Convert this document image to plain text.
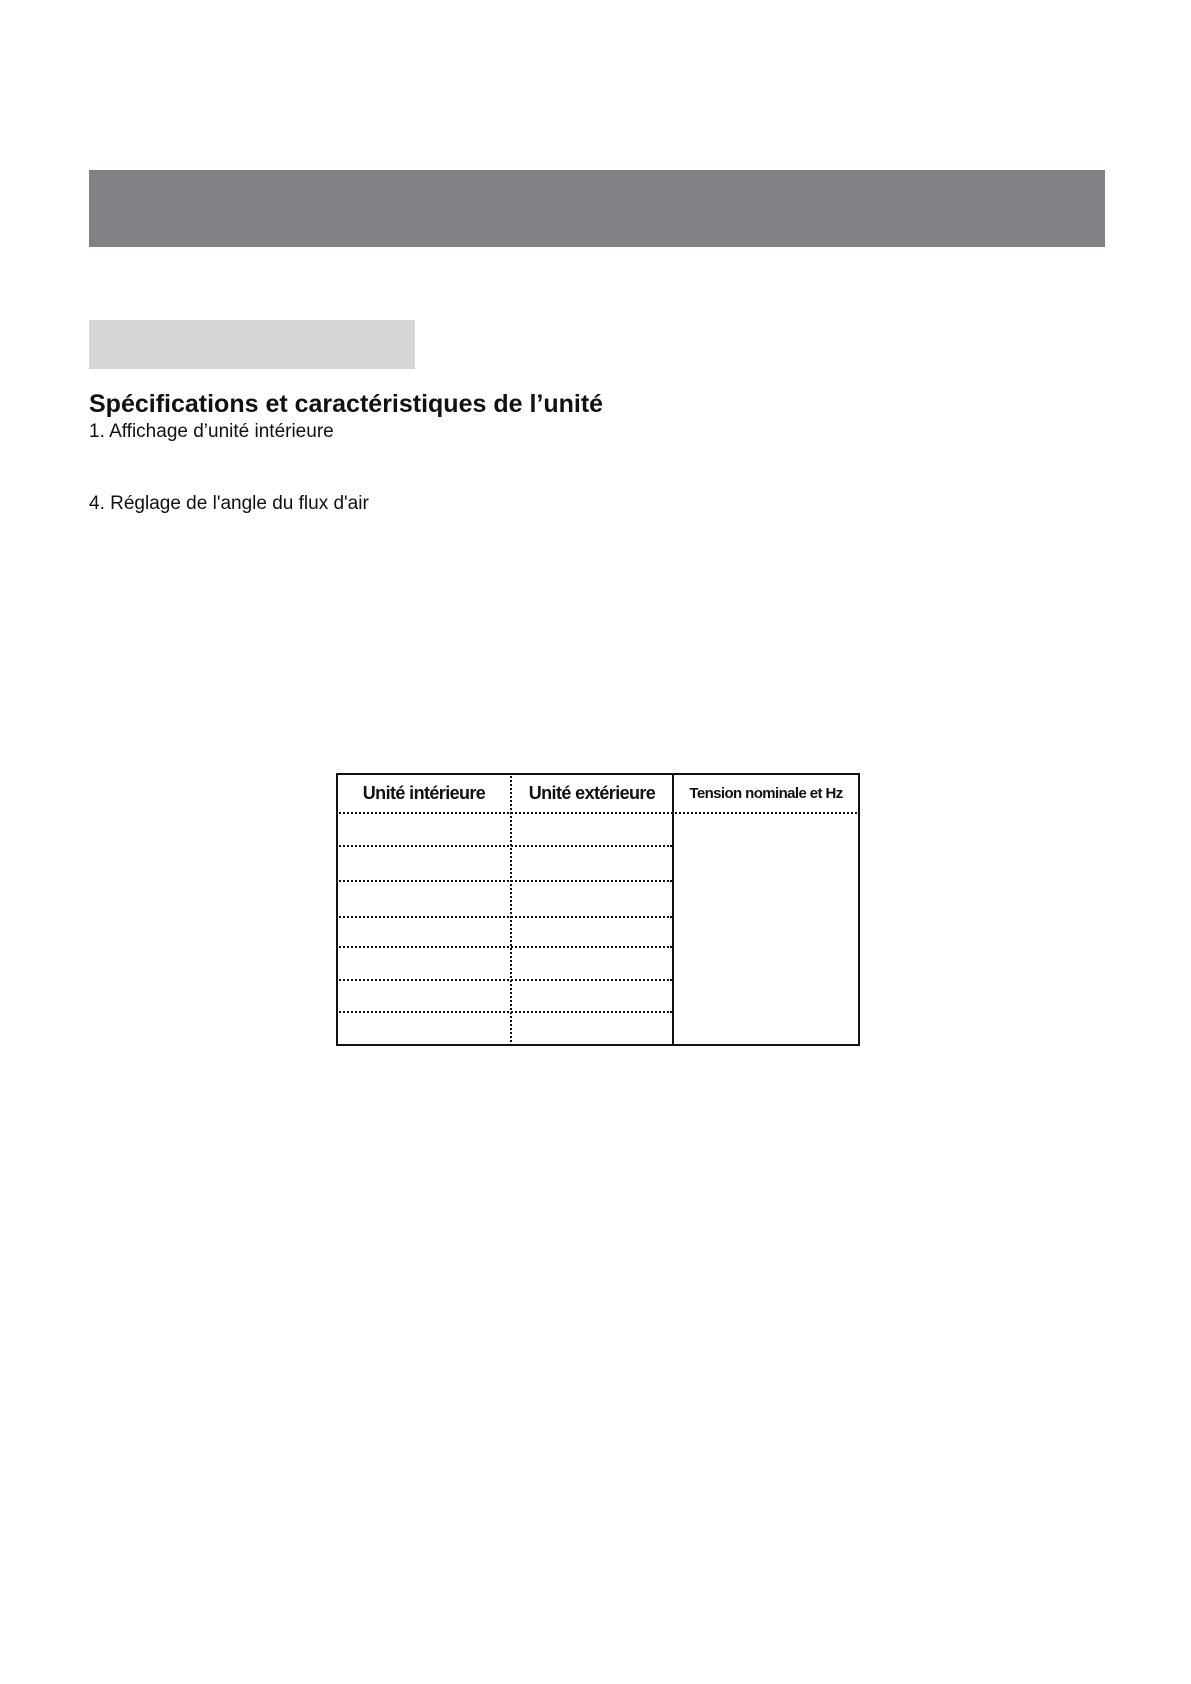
Spécifications et caractéristiques de l’unité

1. Affichage d’unité intérieure

4. Réglage de l'angle du flux d'air

Unité intérieure	Unité extérieure	Tension nominale et Hz
